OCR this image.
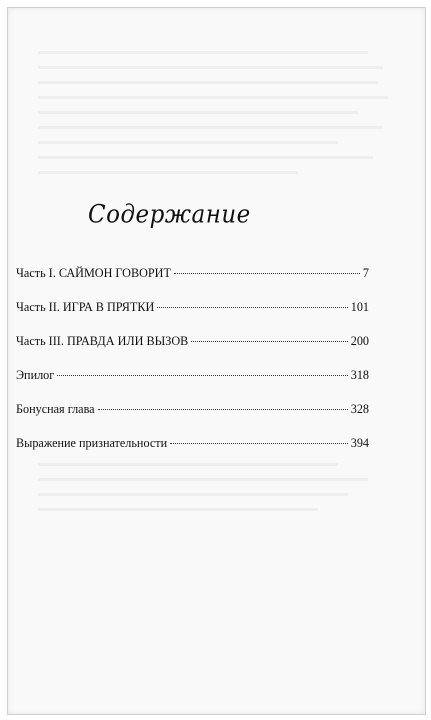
Содержание
Часть I. САЙМОН ГОВОРИТ	7
Часть II. ИГРА В ПРЯТКИ	101
Часть III. ПРАВДА ИЛИ ВЫЗОВ	200
Эпилог	318
Бонусная глава	328
Выражение признательности	394
